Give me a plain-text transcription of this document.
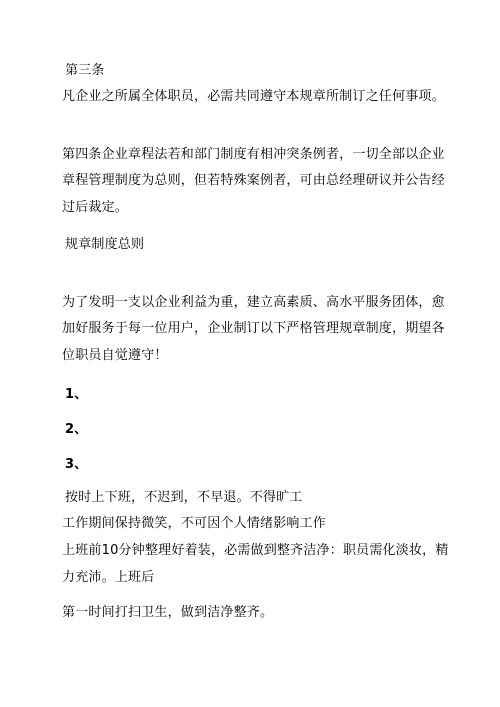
第三条
凡企业之所属全体职员，必需共同遵守本规章所制订之任何事项。
第四条企业章程法若和部门制度有相冲突条例者，一切全部以企业
章程管理制度为总则，但若特殊案例者，可由总经理研议并公告经
过后裁定。
规章制度总则
为了发明一支以企业利益为重，建立高素质、高水平服务团体，愈
加好服务于每一位用户，企业制订以下严格管理规章制度，期望各
位职员自觉遵守！
1、
2、
3、
按时上下班，不迟到，不早退。不得旷工
工作期间保持微笑，不可因个人情绪影响工作
上班前10分钟整理好着装，必需做到整齐洁净：职员需化淡妆，精
力充沛。上班后
第一时间打扫卫生，做到洁净整齐。
